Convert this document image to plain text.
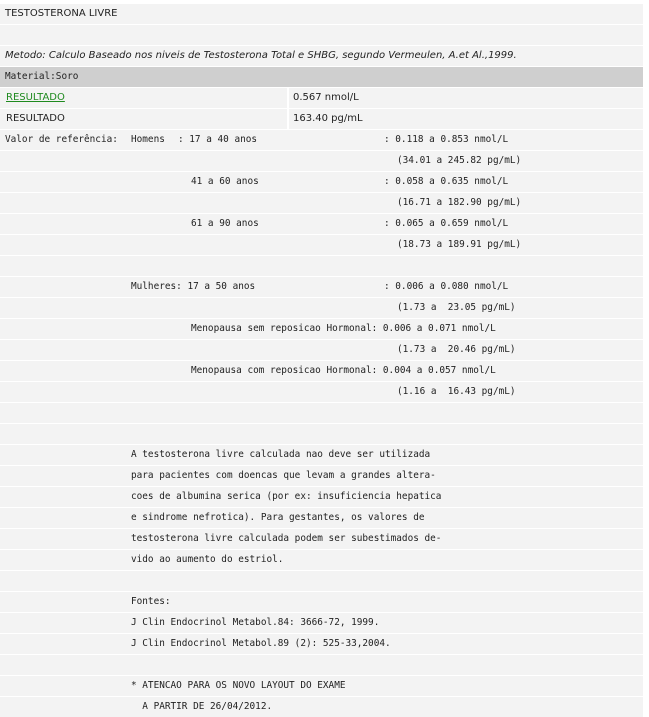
TESTOSTERONA LIVRE
Metodo: Calculo Baseado nos niveis de Testosterona Total e SHBG, segundo Vermeulen, A.et Al.,1999.
Material:Soro
RESULTADO	0.567 nmol/L
RESULTADO	163.40 pg/mL
Valor de referência: Homens : 17 a 40 anos	: 0.118 a 0.853 nmol/L
(34.01 a 245.82 pg/mL)
41 a 60 anos	: 0.058 a 0.635 nmol/L
(16.71 a 182.90 pg/mL)
61 a 90 anos	: 0.065 a 0.659 nmol/L
(18.73 a 189.91 pg/mL)
Mulheres: 17 a 50 anos	: 0.006 a 0.080 nmol/L
(1.73 a  23.05 pg/mL)
Menopausa sem reposicao Hormonal: 0.006 a 0.071 nmol/L
(1.73 a  20.46 pg/mL)
Menopausa com reposicao Hormonal: 0.004 a 0.057 nmol/L
(1.16 a  16.43 pg/mL)
A testosterona livre calculada nao deve ser utilizada
para pacientes com doencas que levam a grandes altera-
coes de albumina serica (por ex: insuficiencia hepatica
e sindrome nefrotica). Para gestantes, os valores de
testosterona livre calculada podem ser subestimados de-
vido ao aumento do estriol.
Fontes:
J Clin Endocrinol Metabol.84: 3666-72, 1999.
J Clin Endocrinol Metabol.89 (2): 525-33,2004.
* ATENCAO PARA OS NOVO LAYOUT DO EXAME
A PARTIR DE 26/04/2012.
